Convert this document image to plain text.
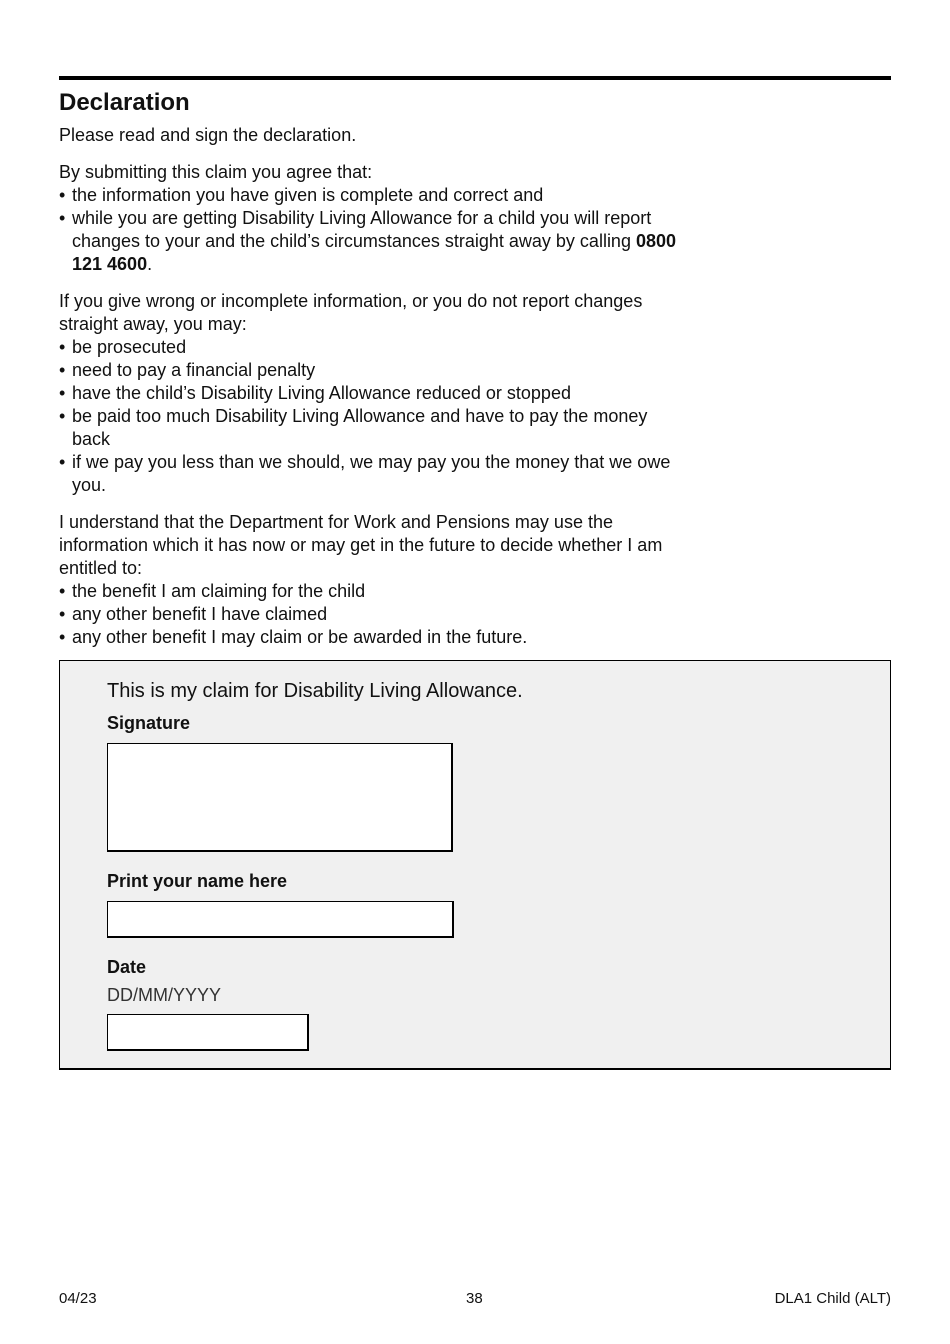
Declaration

Please read and sign the declaration.

By submitting this claim you agree that:

• the information you have given is complete and correct and
• while you are getting Disability Living Allowance for a child you will report changes to your and the child’s circumstances straight away by calling 0800 121 4600.

If you give wrong or incomplete information, or you do not report changes straight away, you may:

• be prosecuted
• need to pay a financial penalty
• have the child’s Disability Living Allowance reduced or stopped
• be paid too much Disability Living Allowance and have to pay the money back
• if we pay you less than we should, we may pay you the money that we owe you.

I understand that the Department for Work and Pensions may use the information which it has now or may get in the future to decide whether I am entitled to:

• the benefit I am claiming for the child
• any other benefit I have claimed
• any other benefit I may claim or be awarded in the future.
This is my claim for Disability Living Allowance.
Signature
Print your name here
Date
DD/MM/YYYY
04/23	38	DLA1 Child (ALT)
